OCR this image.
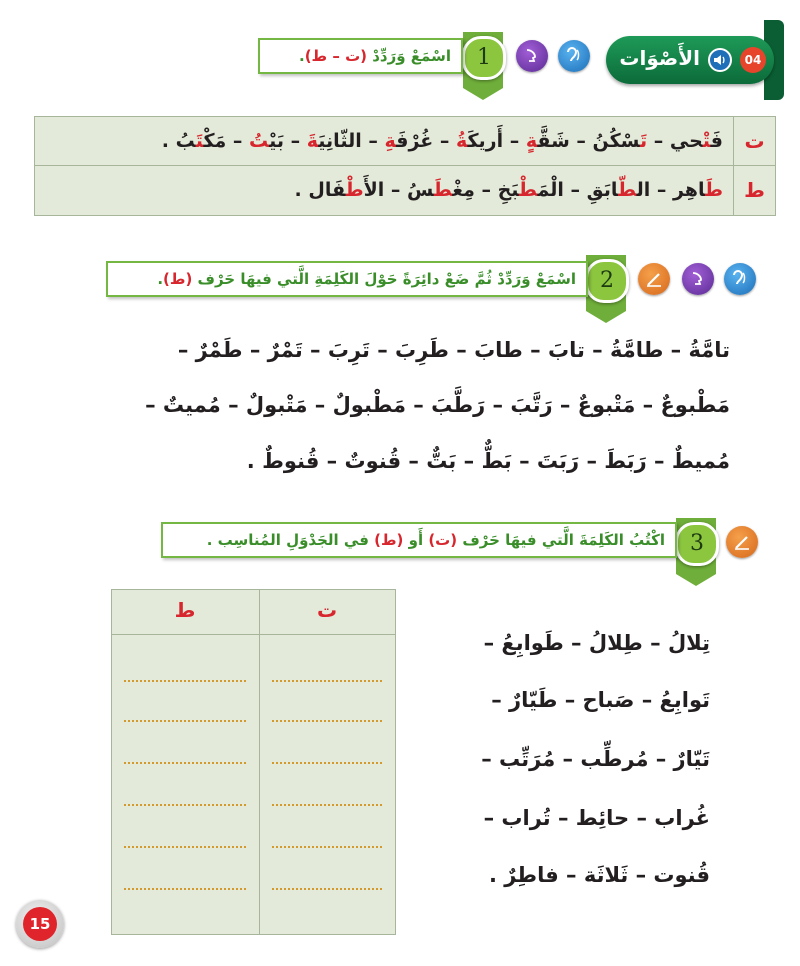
04
الأَصْوَات
1
اسْمَعْ وَرَدِّدْ (ت – ط).
ت
فَتْحي – تَسْكُنُ – شَقَّةٍ – أَريكَةُ – غُرْفَةِ – الثّانِيَةَ – بَيْتُ – مَكْتَبُ .
ط
طَاهِر – الطّابَقِ – الْمَطْبَخِ – مِغْطَسُ – الأَطْفَال .
2
اسْمَعْ وَرَدِّدْ ثُمَّ ضَعْ دائِرَةً حَوْلَ الكَلِمَةِ الَّتي فيهَا حَرْف (ط).
تامَّةُ – طامَّةُ – تابَ – طابَ – طَرِبَ – تَرِبَ – تَمْرٌ – طَمْرٌ –
مَطْبوعٌ – مَتْبوعٌ – رَتَّبَ – رَطَّبَ – مَطْبولٌ – مَتْبولٌ – مُميتٌ –
مُميطٌ – رَبَطَ – رَبَتَ – بَطٌّ – بَتٌّ – قُنوتٌ – قُنوطٌ .
3
اكْتُبُ الكَلِمَةَ الَّتي فيهَا حَرْف (ت) أَو (ط) في الجَدْوَلِ المُناسِب .
ت
ط
تِلالُ – طِلالُ – طَوابِعُ –
تَوابِعُ – صَباح – طَيّارٌ –
تَيّارٌ – مُرطِّب – مُرَتِّب –
غُراب – حائِط – تُراب –
قُنوت – ثَلاثَة – فاطِرٌ .
15
